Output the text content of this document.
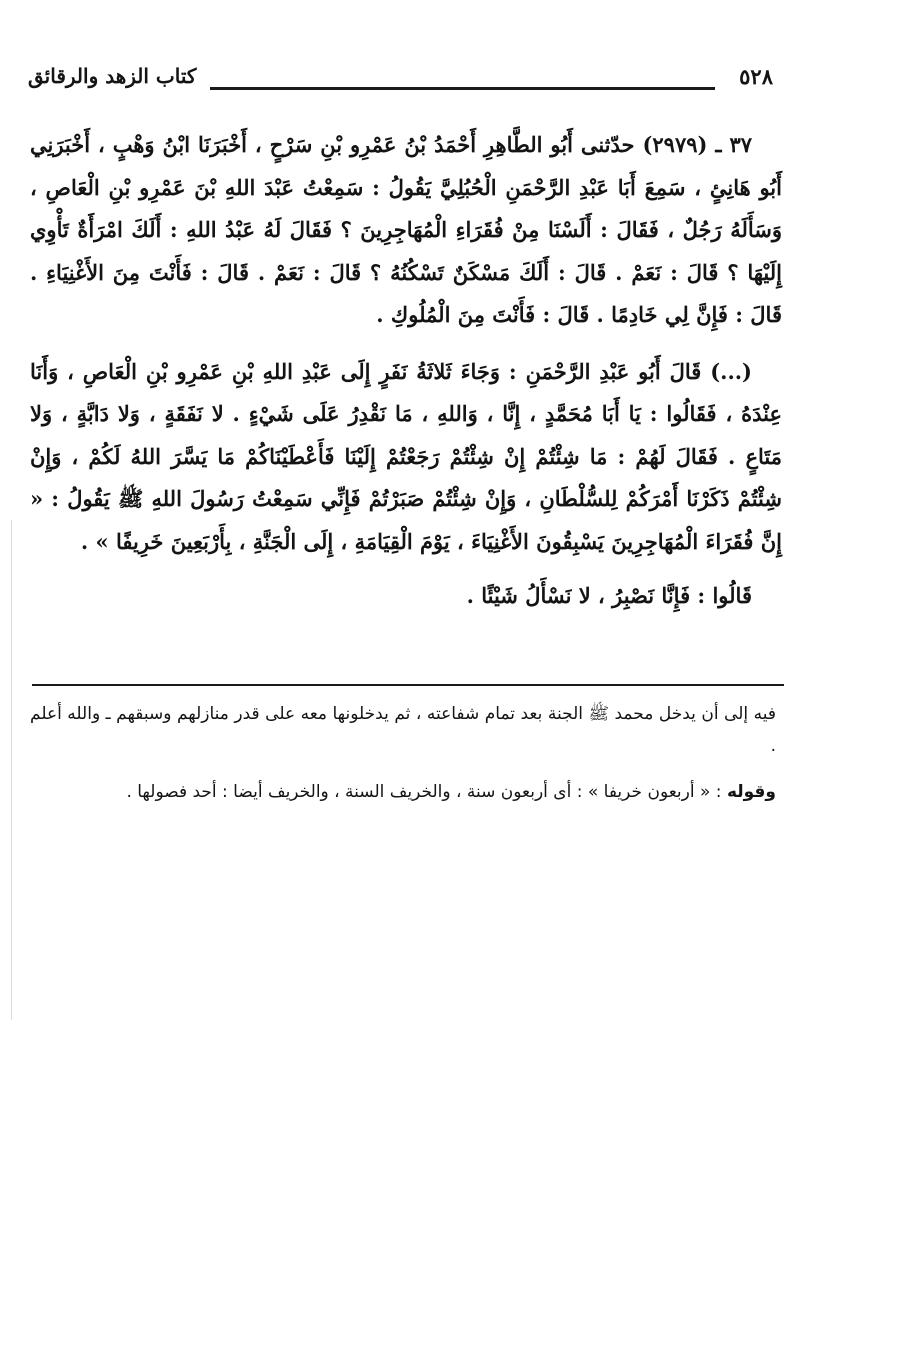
٥٢٨
كتاب الزهد والرقائق

٣٧ ـ (٢٩٧٩) حدّثنى أَبُو الطَّاهِرِ أَحْمَدُ بْنُ عَمْرِو بْنِ سَرْحٍ ، أَخْبَرَنَا ابْنُ وَهْبٍ ، أَخْبَرَنِي أَبُو هَانِئٍ ، سَمِعَ أَبَا عَبْدِ الرَّحْمَنِ الْحُبُلِيَّ يَقُولُ : سَمِعْتُ عَبْدَ اللهِ بْنَ عَمْرِو بْنِ الْعَاصِ ، وَسَأَلَهُ رَجُلٌ ، فَقَالَ : أَلَسْنَا مِنْ فُقَرَاءِ الْمُهَاجِرِينَ ؟ فَقَالَ لَهُ عَبْدُ اللهِ : أَلَكَ امْرَأَةٌ تَأْوِي إِلَيْهَا ؟ قَالَ : نَعَمْ . قَالَ : أَلَكَ مَسْكَنٌ تَسْكُنُهُ ؟ قَالَ : نَعَمْ . قَالَ : فَأَنْتَ مِنَ الأَغْنِيَاءِ . قَالَ : فَإِنَّ لِي خَادِمًا . قَالَ : فَأَنْتَ مِنَ الْمُلُوكِ .

(...) قَالَ أَبُو عَبْدِ الرَّحْمَنِ : وَجَاءَ ثَلاثَةُ نَفَرٍ إِلَى عَبْدِ اللهِ بْنِ عَمْرِو بْنِ الْعَاصِ ، وَأَنَا عِنْدَهُ ، فَقَالُوا : يَا أَبَا مُحَمَّدٍ ، إِنَّا ، وَاللهِ ، مَا نَقْدِرُ عَلَى شَيْءٍ . لا نَفَقَةٍ ، وَلا دَابَّةٍ ، وَلا مَتَاعٍ . فَقَالَ لَهُمْ : مَا شِئْتُمْ إِنْ شِئْتُمْ رَجَعْتُمْ إِلَيْنَا فَأَعْطَيْنَاكُمْ مَا يَسَّرَ اللهُ لَكُمْ ، وَإِنْ شِئْتُمْ ذَكَرْنَا أَمْرَكُمْ لِلسُّلْطَانِ ، وَإِنْ شِئْتُمْ صَبَرْتُمْ فَإِنِّي سَمِعْتُ رَسُولَ اللهِ ﷺ يَقُولُ : « إِنَّ فُقَرَاءَ الْمُهَاجِرِينَ يَسْبِقُونَ الأَغْنِيَاءَ ، يَوْمَ الْقِيَامَةِ ، إِلَى الْجَنَّةِ ، بِأَرْبَعِينَ خَرِيفًا » .

قَالُوا : فَإِنَّا نَصْبِرُ ، لا نَسْأَلُ شَيْئًا .

فيه إلى أن يدخل محمد ﷺ الجنة بعد تمام شفاعته ، ثم يدخلونها معه على قدر منازلهم وسبقهم ـ والله أعلم .

وقوله : « أربعون خريفا » : أى أربعون سنة ، والخريف السنة ، والخريف أيضا : أحد فصولها .
